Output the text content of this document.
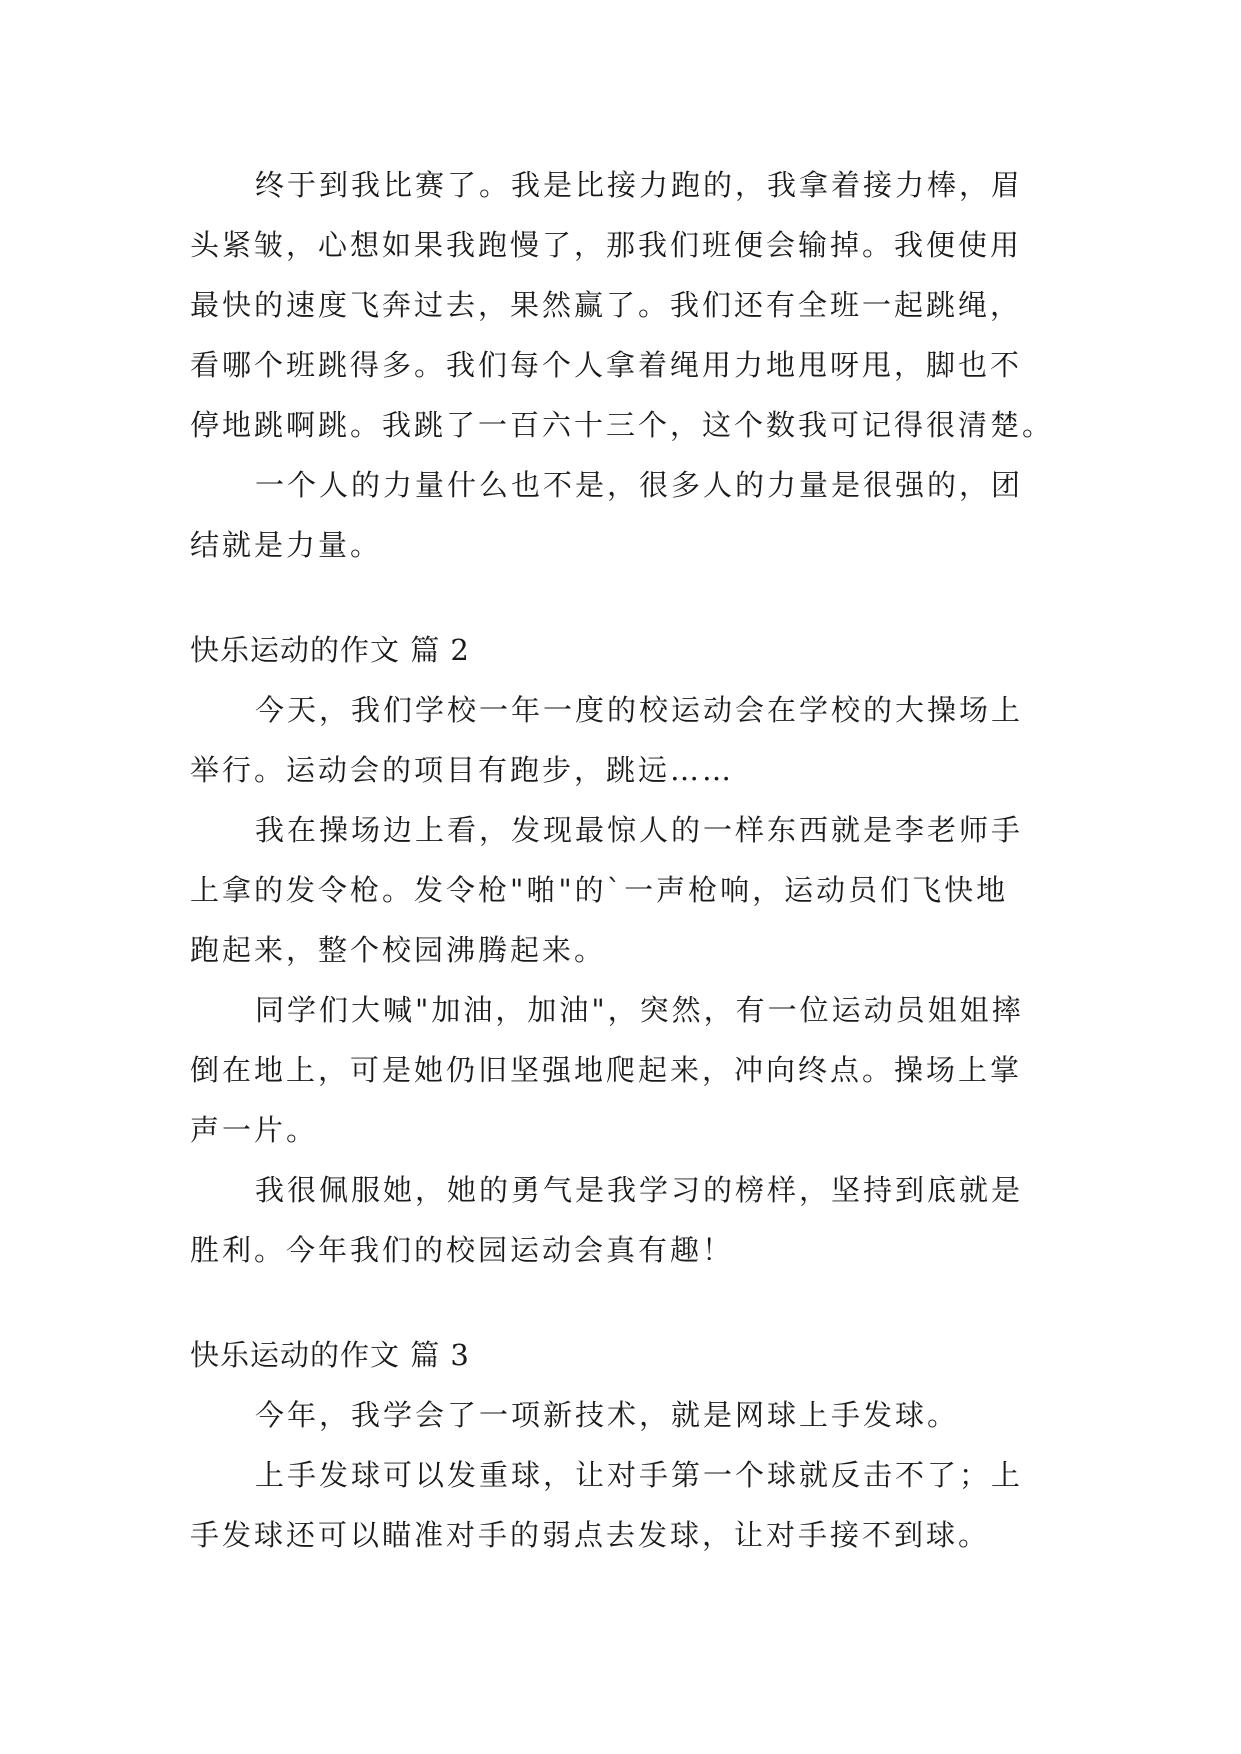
终于到我比赛了。我是比接力跑的，我拿着接力棒，眉
头紧皱，心想如果我跑慢了，那我们班便会输掉。我便使用
最快的速度飞奔过去，果然赢了。我们还有全班一起跳绳，
看哪个班跳得多。我们每个人拿着绳用力地甩呀甩，脚也不
停地跳啊跳。我跳了一百六十三个，这个数我可记得很清楚。
一个人的力量什么也不是，很多人的力量是很强的，团
结就是力量。
快乐运动的作文 篇 2
今天，我们学校一年一度的校运动会在学校的大操场上
举行。运动会的项目有跑步，跳远……
我在操场边上看，发现最惊人的一样东西就是李老师手
上拿的发令枪。发令枪"啪"的`一声枪响，运动员们飞快地
跑起来，整个校园沸腾起来。
同学们大喊"加油，加油"，突然，有一位运动员姐姐摔
倒在地上，可是她仍旧坚强地爬起来，冲向终点。操场上掌
声一片。
我很佩服她，她的勇气是我学习的榜样，坚持到底就是
胜利。今年我们的校园运动会真有趣！
快乐运动的作文 篇 3
今年，我学会了一项新技术，就是网球上手发球。
上手发球可以发重球，让对手第一个球就反击不了；上
手发球还可以瞄准对手的弱点去发球，让对手接不到球。
